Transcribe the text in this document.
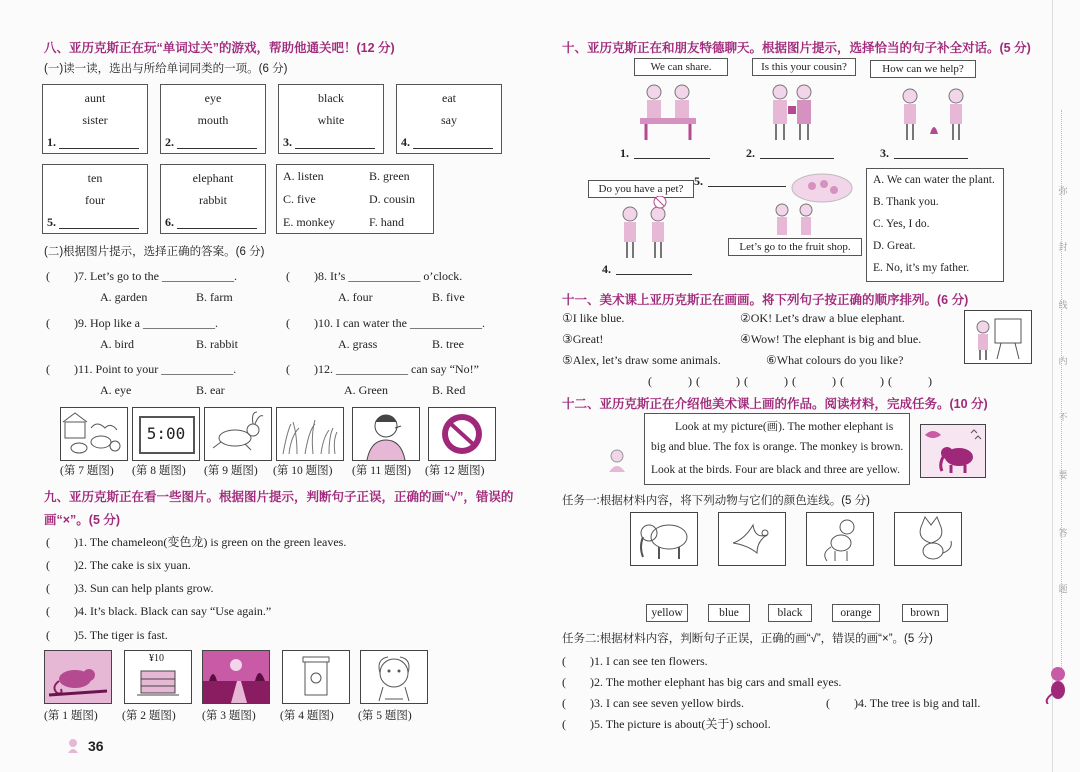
八、亚历克斯正在玩“单词过关”的游戏，帮助他通关吧！(12 分)
(一)读一读，选出与所给单词同类的一项。(6 分)
aunt
sister
1.
eye
mouth
2.
black
white
3.
eat
say
4.
ten
four
5.
elephant
rabbit
6.
A. listen	B. green
C. five	D. cousin
E. monkey	F. hand
(二)根据图片提示，选择正确的答案。(6 分)
(　　)7. Let’s go to the ____________.
A. garden	B. farm
(　　)8. It’s ____________ o’clock.
A. four	B. five
(　　)9. Hop like a ____________.
A. bird	B. rabbit
(　　)10. I can water the ____________.
A. grass	B. tree
(　　)11. Point to your ____________.
A. eye	B. ear
(　　)12. ____________ can say “No!”
A. Green	B. Red
5:00
(第 7 题图) (第 8 题图) (第 9 题图) (第 10 题图) (第 11 题图) (第 12 题图)
九、亚历克斯正在看一些图片。根据图片提示，判断句子正误，正确的画“√”，错误的
画“×”。(5 分)
(　　)1. The chameleon(变色龙) is green on the green leaves.
(　　)2. The cake is six yuan.
(　　)3. Sun can help plants grow.
(　　)4. It’s black. Black can say “Use again.”
(　　)5. The tiger is fast.
¥10
(第 1 题图) (第 2 题图) (第 3 题图) (第 4 题图) (第 5 题图)
36
十、亚历克斯正在和朋友特德聊天。根据图片提示，选择恰当的句子补全对话。(5 分)
We can share.
1.
Is this your cousin?
2.
How can we help?
3.
Do you have a pet?
4.
5.
Let’s go to the fruit shop.
A. We can water the plant.
B. Thank you.
C. Yes, I do.
D. Great.
E. No, it’s my father.
十一、美术课上亚历克斯正在画画。将下列句子按正确的顺序排列。(6 分)
①I like blue.	②OK! Let’s draw a blue elephant.
③Great!	④Wow! The elephant is big and blue.
⑤Alex, let’s draw some animals.	⑥What colours do you like?
(　　)(　　)(　　)(　　)(　　)(　　)
十二、亚历克斯正在介绍他美术课上画的作品。阅读材料，完成任务。(10 分)
Look at my picture(画). The mother elephant is
big and blue. The fox is orange. The monkey is brown.
Look at the birds. Four are black and three are yellow.
任务一:根据材料内容，将下列动物与它们的颜色连线。(5 分)
yellow	blue	black	orange	brown
任务二:根据材料内容，判断句子正误，正确的画“√”，错误的画“×”。(5 分)
(　　)1. I can see ten flowers.
(　　)2. The mother elephant has big cars and small eyes.
(　　)3. I can see seven yellow birds.	(　　)4. The tree is big and tall.
(　　)5. The picture is about(关于) school.
弥
封
线
内
不
要
答
题
